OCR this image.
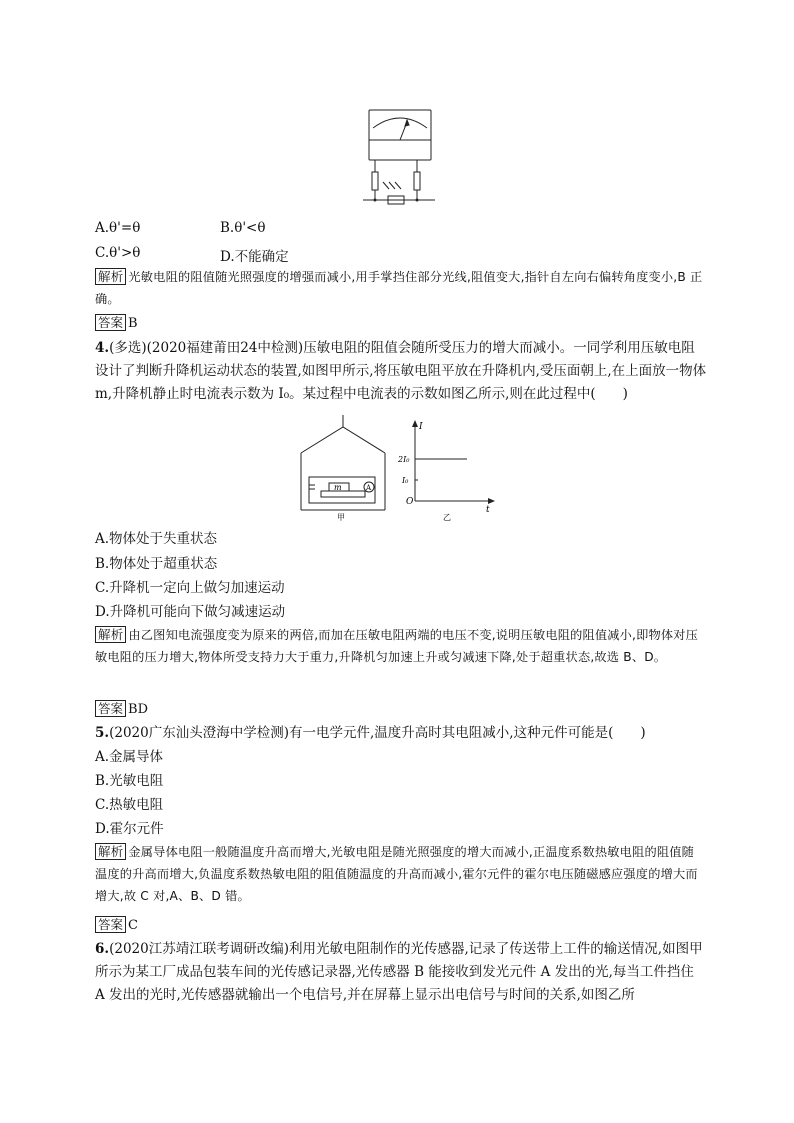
A.θ'=θ	B.θ'<θ
C.θ'>θ	D.不能确定
解析 光敏电阻的阻值随光照强度的增强而减小,用手掌挡住部分光线,阻值变大,指针自左向右偏转角度变小,B 正确。
答案 B
4.(多选)(2020福建莆田24中检测)压敏电阻的阻值会随所受压力的增大而减小。一同学利用压敏电阻设计了判断升降机运动状态的装置,如图甲所示,将压敏电阻平放在升降机内,受压面朝上,在上面放一物体 m,升降机静止时电流表示数为 I₀。某过程中电流表的示数如图乙所示,则在此过程中(　　)
m	A
甲	乙
I
t
O
2I₀
I₀
A.物体处于失重状态
B.物体处于超重状态
C.升降机一定向上做匀加速运动
D.升降机可能向下做匀减速运动
解析 由乙图知电流强度变为原来的两倍,而加在压敏电阻两端的电压不变,说明压敏电阻的阻值减小,即物体对压敏电阻的压力增大,物体所受支持力大于重力,升降机匀加速上升或匀减速下降,处于超重状态,故选 B、D。
答案 BD
5.(2020广东汕头澄海中学检测)有一电学元件,温度升高时其电阻减小,这种元件可能是(　　)
A.金属导体
B.光敏电阻
C.热敏电阻
D.霍尔元件
解析 金属导体电阻一般随温度升高而增大,光敏电阻是随光照强度的增大而减小,正温度系数热敏电阻的阻值随温度的升高而增大,负温度系数热敏电阻的阻值随温度的升高而减小,霍尔元件的霍尔电压随磁感应强度的增大而增大,故 C 对,A、B、D 错。
答案 C
6.(2020江苏靖江联考调研改编)利用光敏电阻制作的光传感器,记录了传送带上工件的输送情况,如图甲所示为某工厂成品包装车间的光传感记录器,光传感器 B 能接收到发光元件 A 发出的光,每当工件挡住 A 发出的光时,光传感器就输出一个电信号,并在屏幕上显示出电信号与时间的关系,如图乙所
